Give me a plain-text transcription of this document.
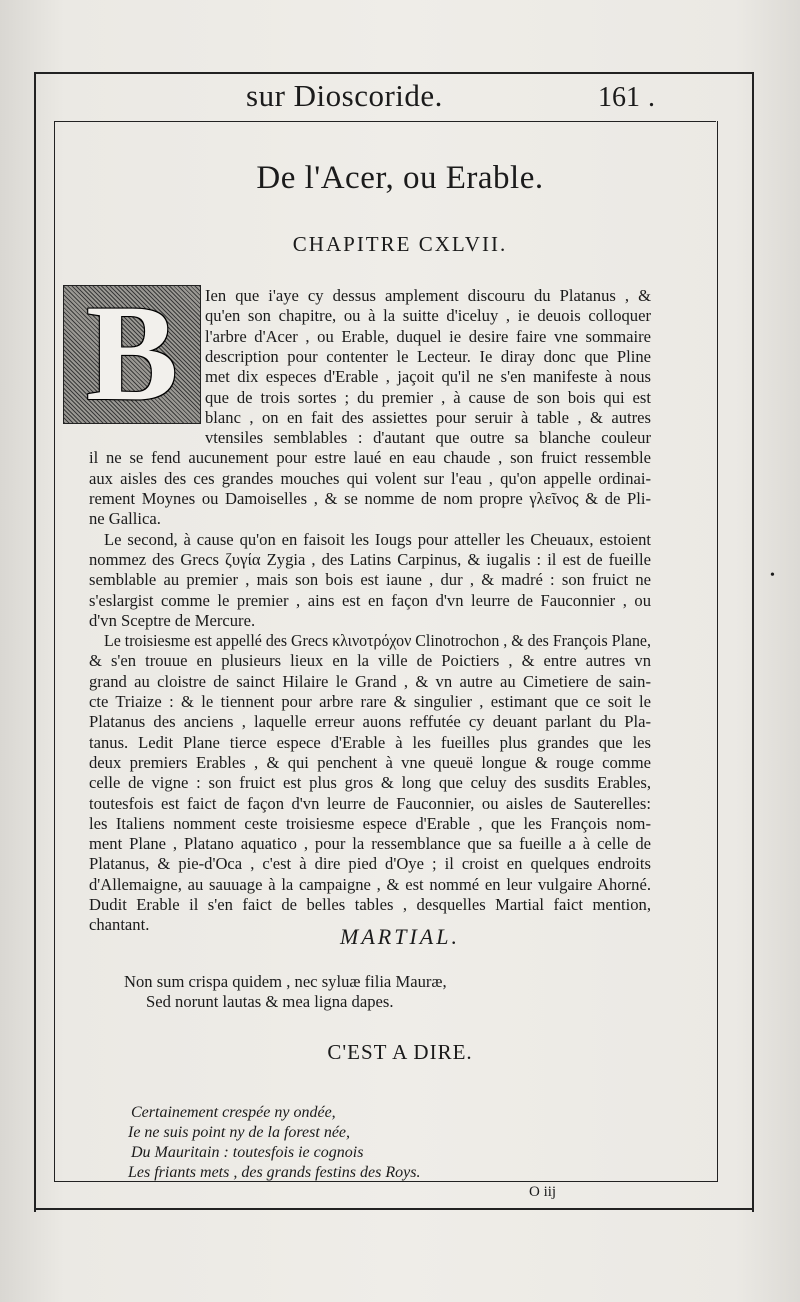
sur Dioscoride.	161 .
De l'Acer, ou Erable.
CHAPITRE CXLVII.
B	Ien que i'aye cy dessus amplement discouru du Platanus , &
qu'en son chapitre, ou à la suitte d'iceluy , ie deuois colloquer
l'arbre d'Acer , ou Erable, duquel ie desire faire vne sommaire
description pour contenter le Lecteur. Ie diray donc que Pline
met dix especes d'Erable , jaçoit qu'il ne s'en manifeste à nous
que de trois sortes ; du premier , à cause de son bois qui est
blanc , on en fait des assiettes pour seruir à table , & autres
vtensiles semblables : d'autant que outre sa blanche couleur
il ne se fend aucunement pour estre laué en eau chaude , son fruict ressemble
aux aisles des ces grandes mouches qui volent sur l'eau , qu'on appelle ordinai-
rement Moynes ou Damoiselles , & se nomme de nom propre γλεῖνος & de Pli-
ne Gallica.
Le second, à cause qu'on en faisoit les Iougs pour atteller les Cheuaux, estoient
nommez des Grecs ζυγία Zygia , des Latins Carpinus, & iugalis : il est de fueille
semblable au premier , mais son bois est iaune , dur , & madré : son fruict ne
s'eslargist comme le premier , ains est en façon d'vn leurre de Fauconnier , ou
d'vn Sceptre de Mercure.
Le troisiesme est appellé des Grecs κλινοτρόχον Clinotrochon , & des François Plane,
& s'en trouue en plusieurs lieux en la ville de Poictiers , & entre autres vn
grand au cloistre de sainct Hilaire le Grand , & vn autre au Cimetiere de sain-
cte Triaize : & le tiennent pour arbre rare & singulier , estimant que ce soit le
Platanus des anciens , laquelle erreur auons reffutée cy deuant parlant du Pla-
tanus. Ledit Plane tierce espece d'Erable à les fueilles plus grandes que les
deux premiers Erables , & qui penchent à vne queuë longue & rouge comme
celle de vigne : son fruict est plus gros & long que celuy des susdits Erables,
toutesfois est faict de façon d'vn leurre de Fauconnier, ou aisles de Sauterelles:
les Italiens nomment ceste troisiesme espece d'Erable , que les François nom-
ment Plane , Platano aquatico , pour la ressemblance que sa fueille a à celle de
Platanus, & pie-d'Oca , c'est à dire pied d'Oye ; il croist en quelques endroits
d'Allemaigne, au sauuage à la campaigne , & est nommé en leur vulgaire Ahorné.
Dudit Erable il s'en faict de belles tables , desquelles Martial faict mention,
chantant.	MARTIAL.
Non sum crispa quidem , nec syluæ filia Mauræ,
Sed norunt lautas & mea ligna dapes.
C'EST A DIRE.
Certainement crespée ny ondée,
Ie ne suis point ny de la forest née,
Du Mauritain : toutesfois ie cognois
Les friants mets , des grands festins des Roys.
O iij
•
